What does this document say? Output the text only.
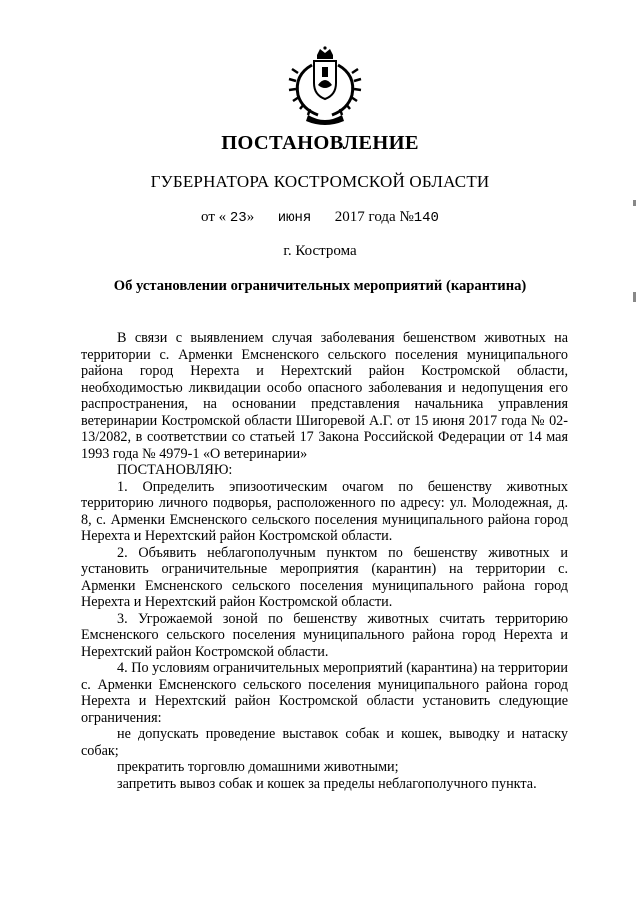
ПОСТАНОВЛЕНИЕ
ГУБЕРНАТОРА КОСТРОМСКОЙ ОБЛАСТИ
от « 23» июня 2017 года №140
г. Кострома
Об установлении ограничительных мероприятий (карантина)

В связи с выявлением случая заболевания бешенством животных на территории с. Арменки Емсненского сельского поселения муниципального района город Нерехта и Нерехтский район Костромской области, необходимостью ликвидации особо опасного заболевания и недопущения его распространения, на основании представления начальника управления ветеринарии Костромской области Шигоревой А.Г. от 15 июня 2017 года № 02-13/2082, в соответствии со статьей 17 Закона Российской Федерации от 14 мая 1993 года № 4979-1 «О ветеринарии»

ПОСТАНОВЛЯЮ:

1. Определить эпизоотическим очагом по бешенству животных территорию личного подворья, расположенного по адресу: ул. Молодежная, д. 8, с. Арменки Емсненского сельского поселения муниципального района город Нерехта и Нерехтский район Костромской области.

2. Объявить неблагополучным пунктом по бешенству животных и установить ограничительные мероприятия (карантин) на территории с. Арменки Емсненского сельского поселения муниципального района город Нерехта и Нерехтский район Костромской области.

3. Угрожаемой зоной по бешенству животных считать территорию Емсненского сельского поселения муниципального района город Нерехта и Нерехтский район Костромской области.

4. По условиям ограничительных мероприятий (карантина) на территории с. Арменки Емсненского сельского поселения муниципального района город Нерехта и Нерехтский район Костромской области установить следующие ограничения:

не допускать проведение выставок собак и кошек, выводку и натаску собак;

прекратить торговлю домашними животными;

запретить вывоз собак и кошек за пределы неблагополучного пункта.
